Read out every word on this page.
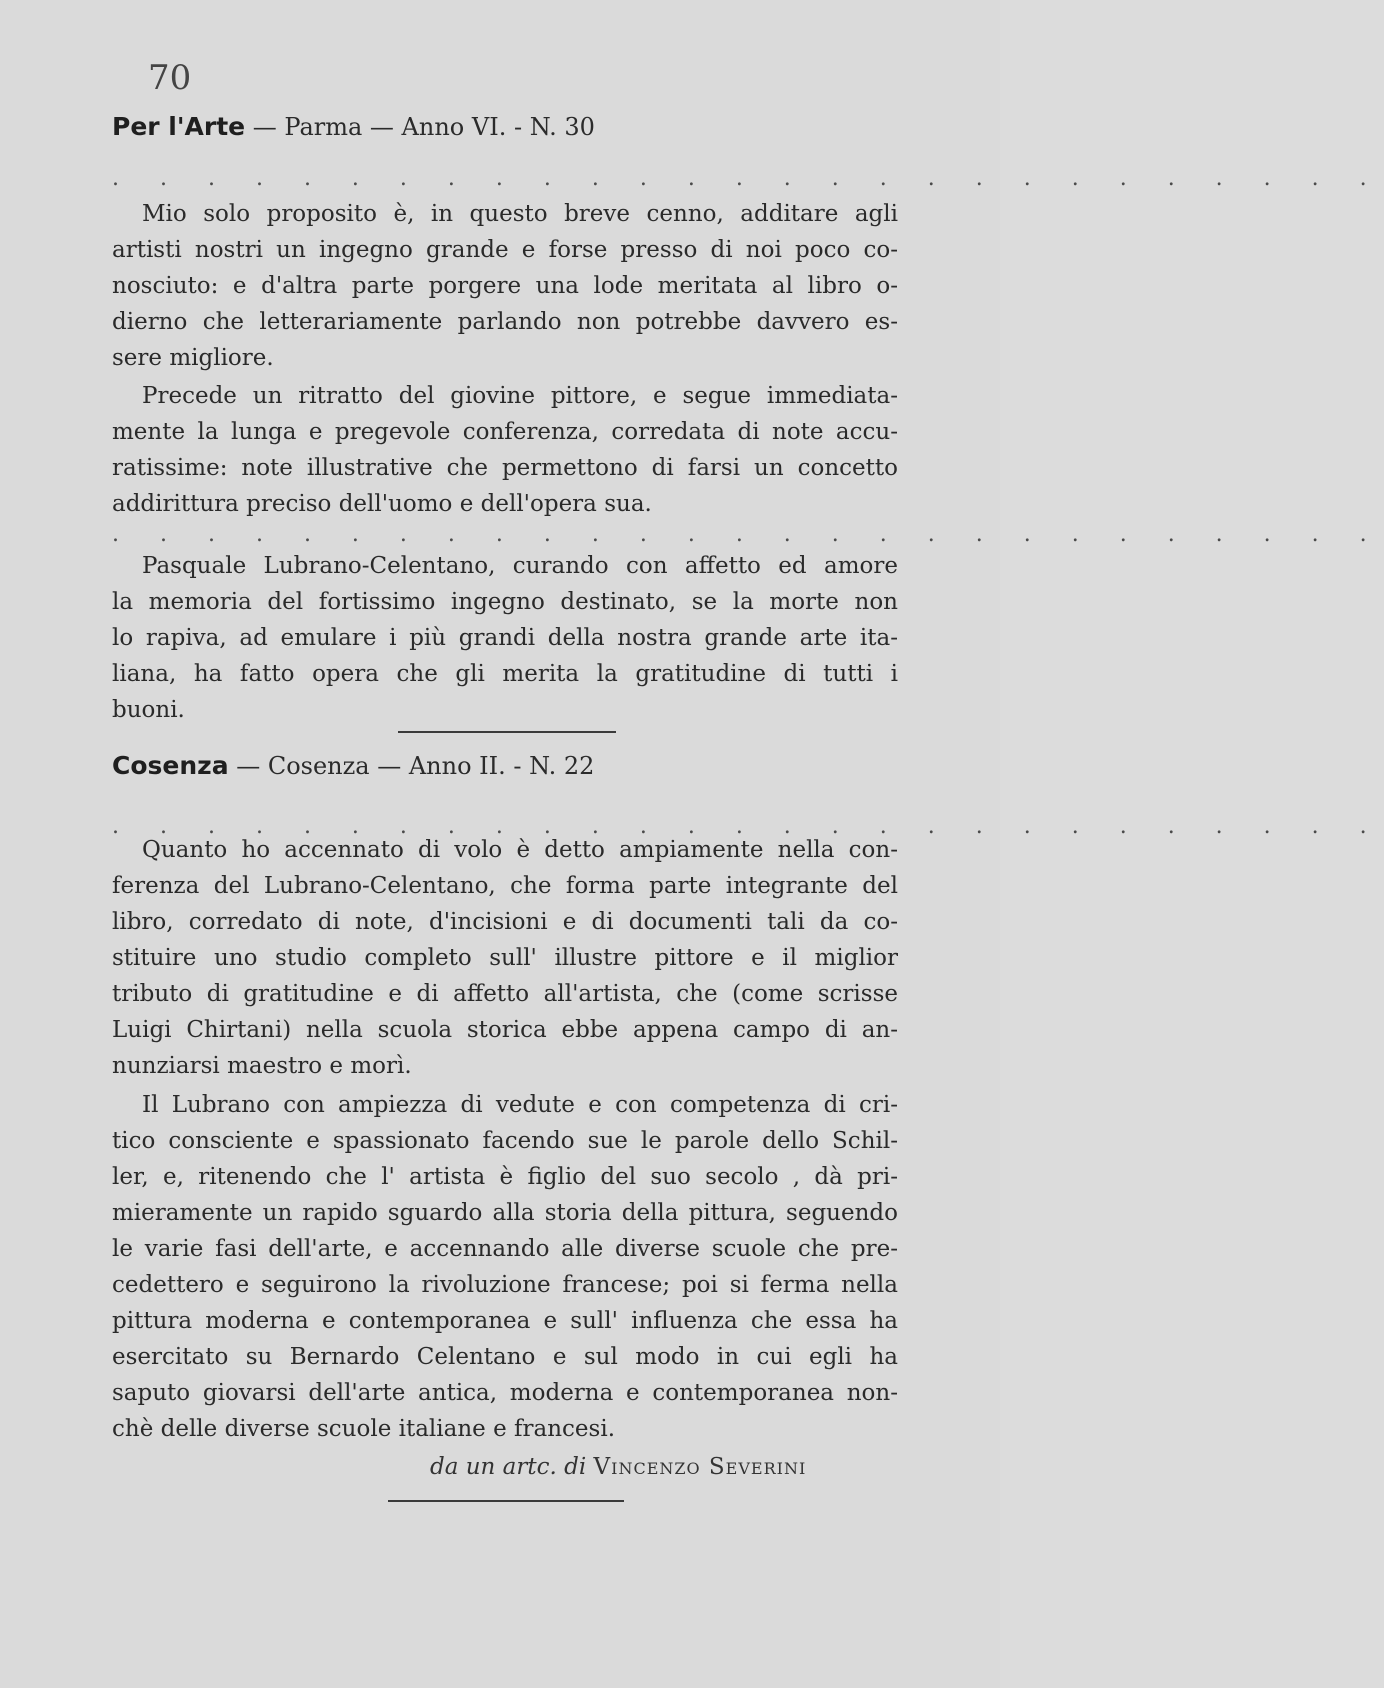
70
Per l'Arte — Parma — Anno VI. - N. 30
. . . . . . . . . . . . . . . . . . . . . . . . . . .
Mio solo proposito è, in questo breve cenno, additare agli
artisti nostri un ingegno grande e forse presso di noi poco co-
nosciuto: e d'altra parte porgere una lode meritata al libro o-
dierno che letterariamente parlando non potrebbe davvero es-
sere migliore.
Precede un ritratto del giovine pittore, e segue immediata-
mente la lunga e pregevole conferenza, corredata di note accu-
ratissime: note illustrative che permettono di farsi un concetto
addirittura preciso dell'uomo e dell'opera sua.
. . . . . . . . . . . . . . . . . . . . . . . . . . .
Pasquale Lubrano-Celentano, curando con affetto ed amore
la memoria del fortissimo ingegno destinato, se la morte non
lo rapiva, ad emulare i più grandi della nostra grande arte ita-
liana, ha fatto opera che gli merita la gratitudine di tutti i
buoni.
Cosenza — Cosenza — Anno II. - N. 22
. . . . . . . . . . . . . . . . . . . . . . . . . . .
Quanto ho accennato di volo è detto ampiamente nella con-
ferenza del Lubrano-Celentano, che forma parte integrante del
libro, corredato di note, d'incisioni e di documenti tali da co-
stituire uno studio completo sull' illustre pittore e il miglior
tributo di gratitudine e di affetto all'artista, che (come scrisse
Luigi Chirtani) nella scuola storica ebbe appena campo di an-
nunziarsi maestro e morì.
Il Lubrano con ampiezza di vedute e con competenza di cri-
tico consciente e spassionato facendo sue le parole dello Schil-
ler, e, ritenendo che l' artista è figlio del suo secolo , dà pri-
mieramente un rapido sguardo alla storia della pittura, seguendo
le varie fasi dell'arte, e accennando alle diverse scuole che pre-
cedettero e seguirono la rivoluzione francese; poi si ferma nella
pittura moderna e contemporanea e sull' influenza che essa ha
esercitato su Bernardo Celentano e sul modo in cui egli ha
saputo giovarsi dell'arte antica, moderna e contemporanea non-
chè delle diverse scuole italiane e francesi.
da un artc. di Vincenzo Severini
